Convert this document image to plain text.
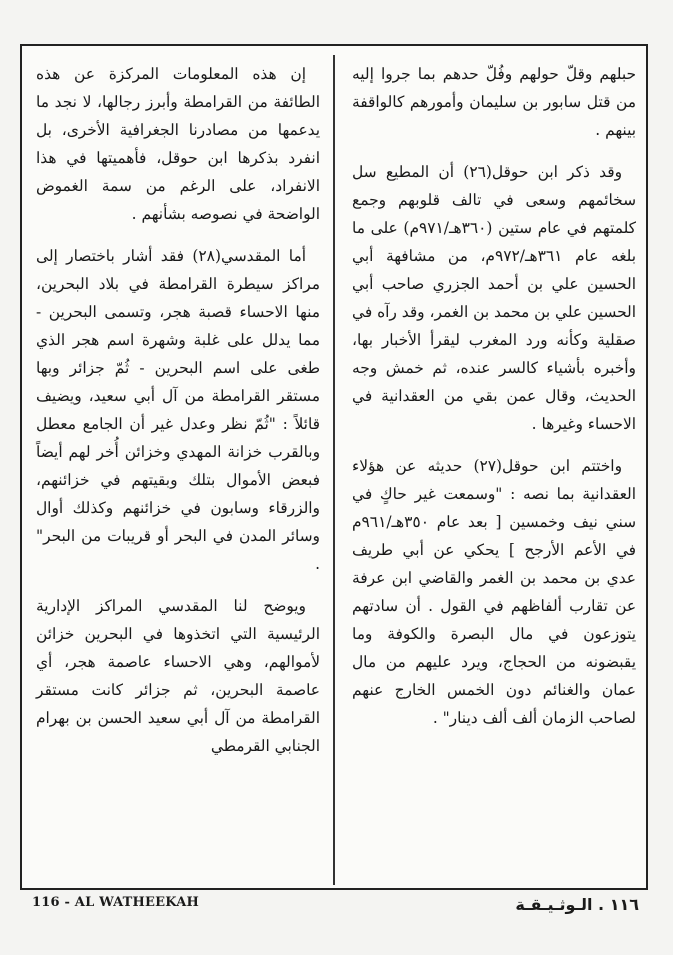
حبلهم وقلّ حولهم وفُلّ حدهم بما جروا إليه من قتل سابور بن سليمان وأمورهم كالواقفة بينهم .

وقد ذكر ابن حوقل(٢٦) أن المطيع سل سخائمهم وسعى في تالف قلوبهم وجمع كلمتهم في عام ستين (٣٦٠هـ/٩٧١م) على ما بلغه عام ٣٦١هـ/٩٧٢م، من مشافهة أبي الحسين علي بن أحمد الجزري صاحب أبي الحسين علي بن محمد بن الغمر، وقد رآه في صقلية وكأنه ورد المغرب ليقرأ الأخبار بها، وأخبره بأشياء كالسر عنده، ثم خمش وجه الحديث، وقال عمن بقي من العقدانية في الاحساء وغيرها .

واختتم ابن حوقل(٢٧) حديثه عن هؤلاء العقدانية بما نصه : "وسمعت غير حاكٍ في سني نيف وخمسين [ بعد عام ٣٥٠هـ/٩٦١م في الأعم الأرجح ] يحكي عن أبي طريف عدي بن محمد بن الغمر والقاضي ابن عرفة عن تقارب ألفاظهم في القول . أن سادتهم يتوزعون في مال البصرة والكوفة وما يقبضونه من الحجاج، ويرد عليهم من مال عمان والغنائم دون الخمس الخارج عنهم لصاحب الزمان ألف ألف دينار" .

إن هذه المعلومات المركزة عن هذه الطائفة من القرامطة وأبرز رجالها، لا نجد ما يدعمها من مصادرنا الجغرافية الأخرى، بل انفرد بذكرها ابن حوقل، فأهميتها في هذا الانفراد، على الرغم من سمة الغموض الواضحة في نصوصه بشأنهم .

أما المقدسي(٢٨) فقد أشار باختصار إلى مراكز سيطرة القرامطة في بلاد البحرين، منها الاحساء قصبة هجر، وتسمى البحرين - مما يدلل على غلبة وشهرة اسم هجر الذي طغى على اسم البحرين - ثُمّ جزائر وبها مستقر القرامطة من آل أبي سعيد، ويضيف قائلاً : "ثُمّ نظر وعدل غير أن الجامع معطل وبالقرب خزانة المهدي وخزائن أُخر لهم أيضاً فبعض الأموال بتلك وبقيتهم في خزائنهم، والزرقاء وسابون في خزائنهم وكذلك أوال وسائر المدن في البحر أو قريبات من البحر" .

ويوضح لنا المقدسي المراكز الإدارية الرئيسية التي اتخذوها في البحرين خزائن لأموالهم، وهي الاحساء عاصمة هجر، أي عاصمة البحرين، ثم جزائر كانت مستقر القرامطة من آل أبي سعيد الحسن بن بهرام الجنابي القرمطي

116 - AL WATHEEKAH	١١٦ . الـوثـيـقـة
